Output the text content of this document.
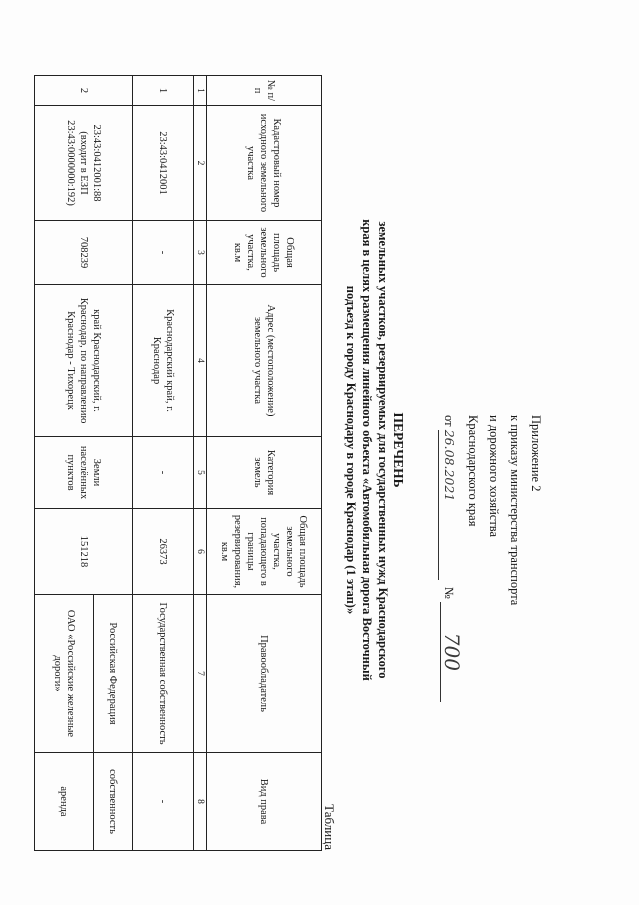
Приложение 2
к приказу министерства транспорта
и дорожного хозяйства
Краснодарского края
от 26.08.2021 № 700
ПЕРЕЧЕНЬ
земельных участков, резервируемых для государственных нужд Краснодарского
края в целях размещения линейного объекта «Автомобильная дорога Восточный
подъезд к городу Краснодару в городе Краснодар (1 этап)»
Таблица
№ п/п	Кадастровый номер исходного земельного участка	Общая площадь земельного участка, кв.м	Адрес (местоположение) земельного участка	Категория земель	Общая площадь земельного участка, попадающего в границы резервирования, кв.м	Правообладатель	Вид права
1	2	3	4	5	6	7	8
1	23:43:0412001	-	Краснодарский край, г. Краснодар	-	26373	Государственная собственность	-
2	23:43:0412001:88 (входит в ЕЗП 23:43:0000000:192)	708239	край Краснодарский, г. Краснодар, по направлению Краснодар - Тихорецк	Земли населённых пунктов	151218	Российская Федерация	собственность
						ОАО «Российские железные дороги»	аренда
